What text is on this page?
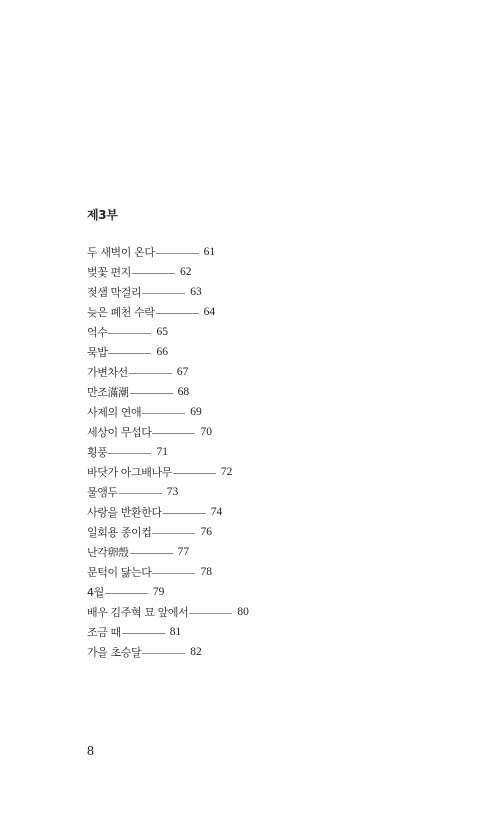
제3부
두 새벽이 온다	61
벚꽃 편지	62
젖샘 막걸리	63
늦은 폐천 수락	64
억수	65
묵밥	66
가변차선	67
만조滿潮	68
사제의 연애	69
세상이 무섭다	70
횡풍	71
바닷가 아그배나무	72
물앵두	73
사랑을 반환한다	74
일회용 종이컵	76
난각卵殼	77
문턱이 닳는다	78
4월	79
배우 김주혁 묘 앞에서	80
조금 때	81
가을 초승달	82
8
